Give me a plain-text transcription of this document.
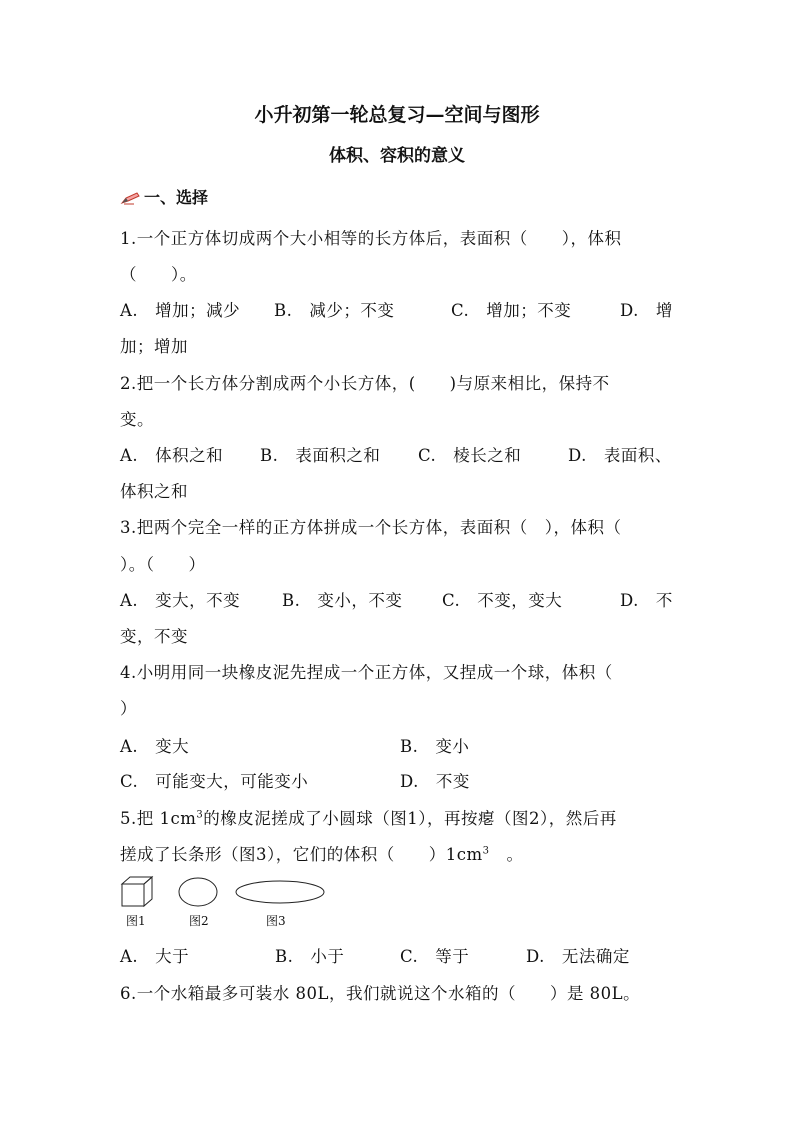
小升初第一轮总复习—空间与图形
体积、容积的意义
一、选择
1.一个正方体切成两个大小相等的长方体后，表面积（　　），体积
（　　）。
A.　增加；减少 B.　减少；不变	C.　增加；不变	D.　增
加；增加
2.把一个长方体分割成两个小长方体，(　　)与原来相比，保持不
变。
A.　体积之和 B.　表面积之和 C.　棱长之和	D.　表面积、
体积之和
3.把两个完全一样的正方体拼成一个长方体，表面积（　），体积（
）。（　　）
A.　变大，不变	B.　变小，不变 C.　不变，变大	D.　不
变，不变
4.小明用同一块橡皮泥先捏成一个正方体，又捏成一个球，体积（
）
A.　变大	B.　变小
C.　可能变大，可能变小	D.　不变
5.把 $1cm^3$的橡皮泥搓成了小圆球（图1），再按瘪（图2），然后再
搓成了长条形（图3），它们的体积（　　）$1cm^3$　。
图1	图2	图3
A.　大于	B.　小于	C.　等于	D.　无法确定
6.一个水箱最多可装水 80L，我们就说这个水箱的（　　）是 80L。
